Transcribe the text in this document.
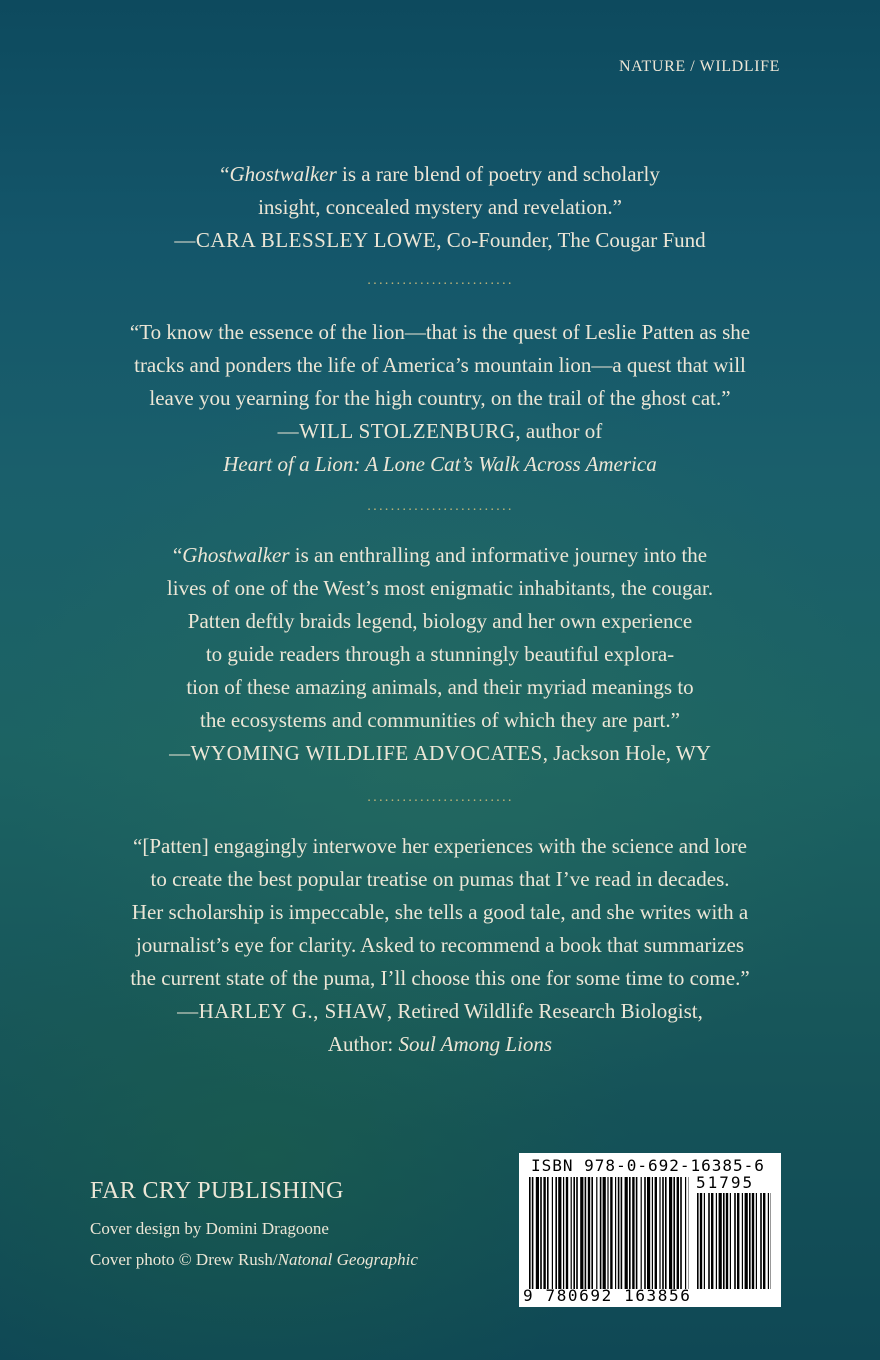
NATURE / WILDLIFE

“Ghostwalker is a rare blend of poetry and scholarly

insight, concealed mystery and revelation.”

—CARA BLESSLEY LOWE, Co-Founder, The Cougar Fund

·························

“To know the essence of the lion—that is the quest of Leslie Patten as she

tracks and ponders the life of America’s mountain lion—a quest that will

leave you yearning for the high country, on the trail of the ghost cat.”

—WILL STOLZENBURG, author of

Heart of a Lion: A Lone Cat’s Walk Across America

·························

“Ghostwalker is an enthralling and informative journey into the

lives of one of the West’s most enigmatic inhabitants, the cougar.

Patten deftly braids legend, biology and her own experience

to guide readers through a stunningly beautiful explora-

tion of these amazing animals, and their myriad meanings to

the ecosystems and communities of which they are part.”

—WYOMING WILDLIFE ADVOCATES, Jackson Hole, WY

·························

“[Patten] engagingly interwove her experiences with the science and lore

to create the best popular treatise on pumas that I’ve read in decades.

Her scholarship is impeccable, she tells a good tale, and she writes with a

journalist’s eye for clarity. Asked to recommend a book that summarizes

the current state of the puma, I’ll choose this one for some time to come.”

—HARLEY G., SHAW, Retired Wildlife Research Biologist,

Author: Soul Among Lions

FAR CRY PUBLISHING
Cover design by Domini Dragoone
Cover photo © Drew Rush/Natonal Geographic
ISBN 978-0-692-16385-6
51795
9 780692 163856
